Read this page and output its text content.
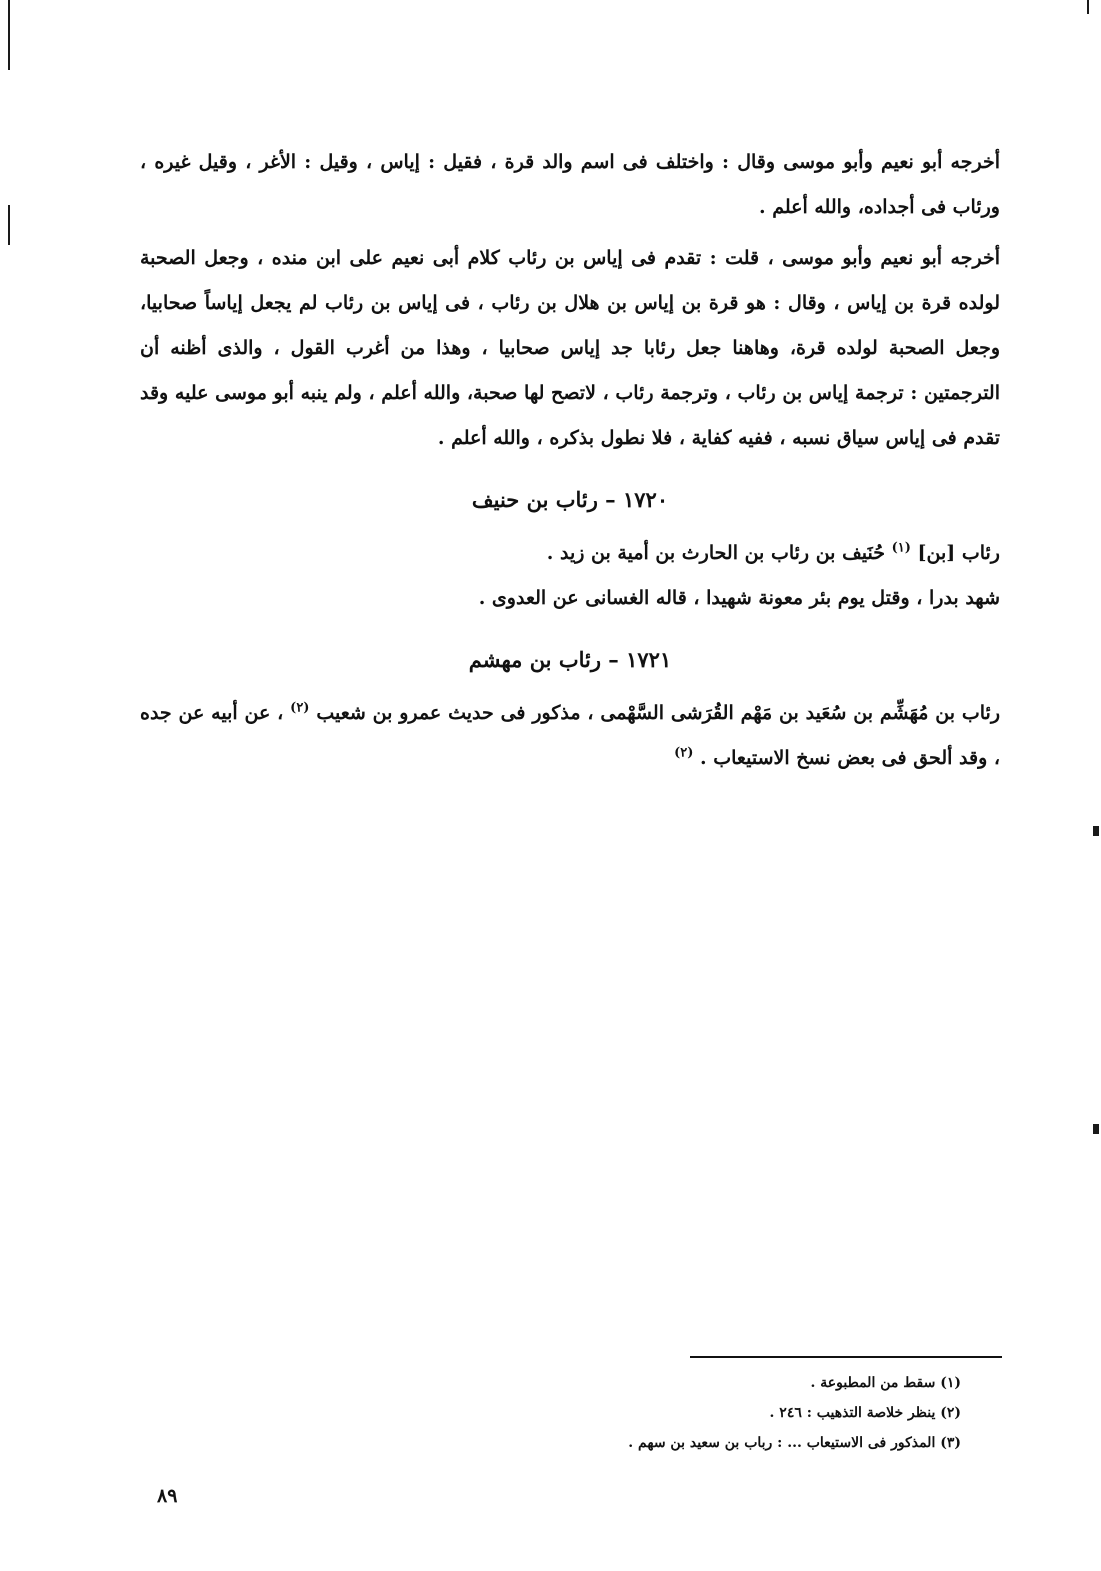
أخرجه أبو نعيم وأبو موسى وقال : واختلف فى اسم والد قرة ، فقيل : إياس ، وقيل : الأغر ، وقيل غيره ، ورئاب فى أجداده، والله أعلم .

أخرجه أبو نعيم وأبو موسى ، قلت : تقدم فى إياس بن رئاب كلام أبى نعيم على ابن منده ، وجعل الصحبة لولده قرة بن إياس ، وقال : هو قرة بن إياس بن هلال بن رئاب ، فى إياس بن رئاب لم يجعل إياساً صحابيا، وجعل الصحبة لولده قرة، وهاهنا جعل رئابا جد إياس صحابيا ، وهذا من أغرب القول ، والذى أظنه أن الترجمتين : ترجمة إياس بن رئاب ، وترجمة رئاب ، لاتصح لها صحبة، والله أعلم ، ولم ينبه أبو موسى عليه وقد تقدم فى إياس سياق نسبه ، ففيه كفاية ، فلا نطول بذكره ، والله أعلم .

١٧٢٠ – رئاب بن حنيف

رئاب [بن] $^{(١)}$ حُنَيف بن رئاب بن الحارث بن أمية بن زيد .

شهد بدرا ، وقتل يوم بئر معونة شهيدا ، قاله الغسانى عن العدوى .

١٧٢١ – رئاب بن مهشم

رئاب بن مُهَشِّم بن سُعَيد بن مَهْم القُرَشى السَّهْمى ، مذكور فى حديث عمرو بن شعيب $^{(٢)}$ ، عن أبيه عن جده ، وقد ألحق فى بعض نسخ الاستيعاب . $^{(٢)}$

(١) سقط من المطبوعة .
(٢) ينظر خلاصة التذهيب : ٢٤٦ .
(٣) المذكور فى الاستيعاب ... : رباب بن سعيد بن سهم .
٨٩
